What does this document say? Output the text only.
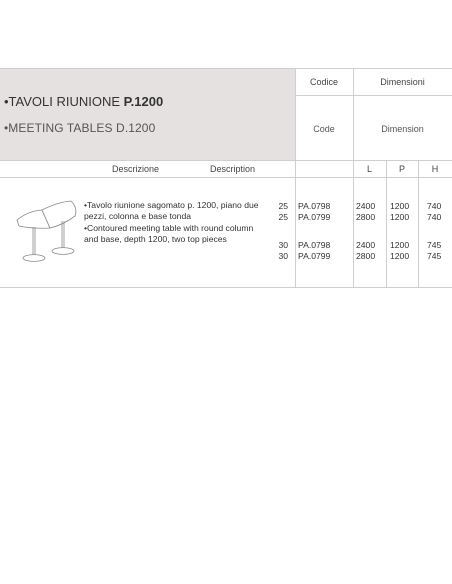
•TAVOLI RIUNIONE P.1200
•MEETING TABLES D.1200
Codice	Dimensioni
Code	Dimension
Descrizione	Description	L	P	H
•Tavolo riunione sagomato p. 1200, piano due pezzi, colonna e base tonda
•Contoured meeting table with round column and base, depth 1200, two top pieces
25 PA.0798	2400 1200 740
25 PA.0799	2800 1200 740
30 PA.0798	2400 1200 745
30 PA.0799	2800 1200 745
